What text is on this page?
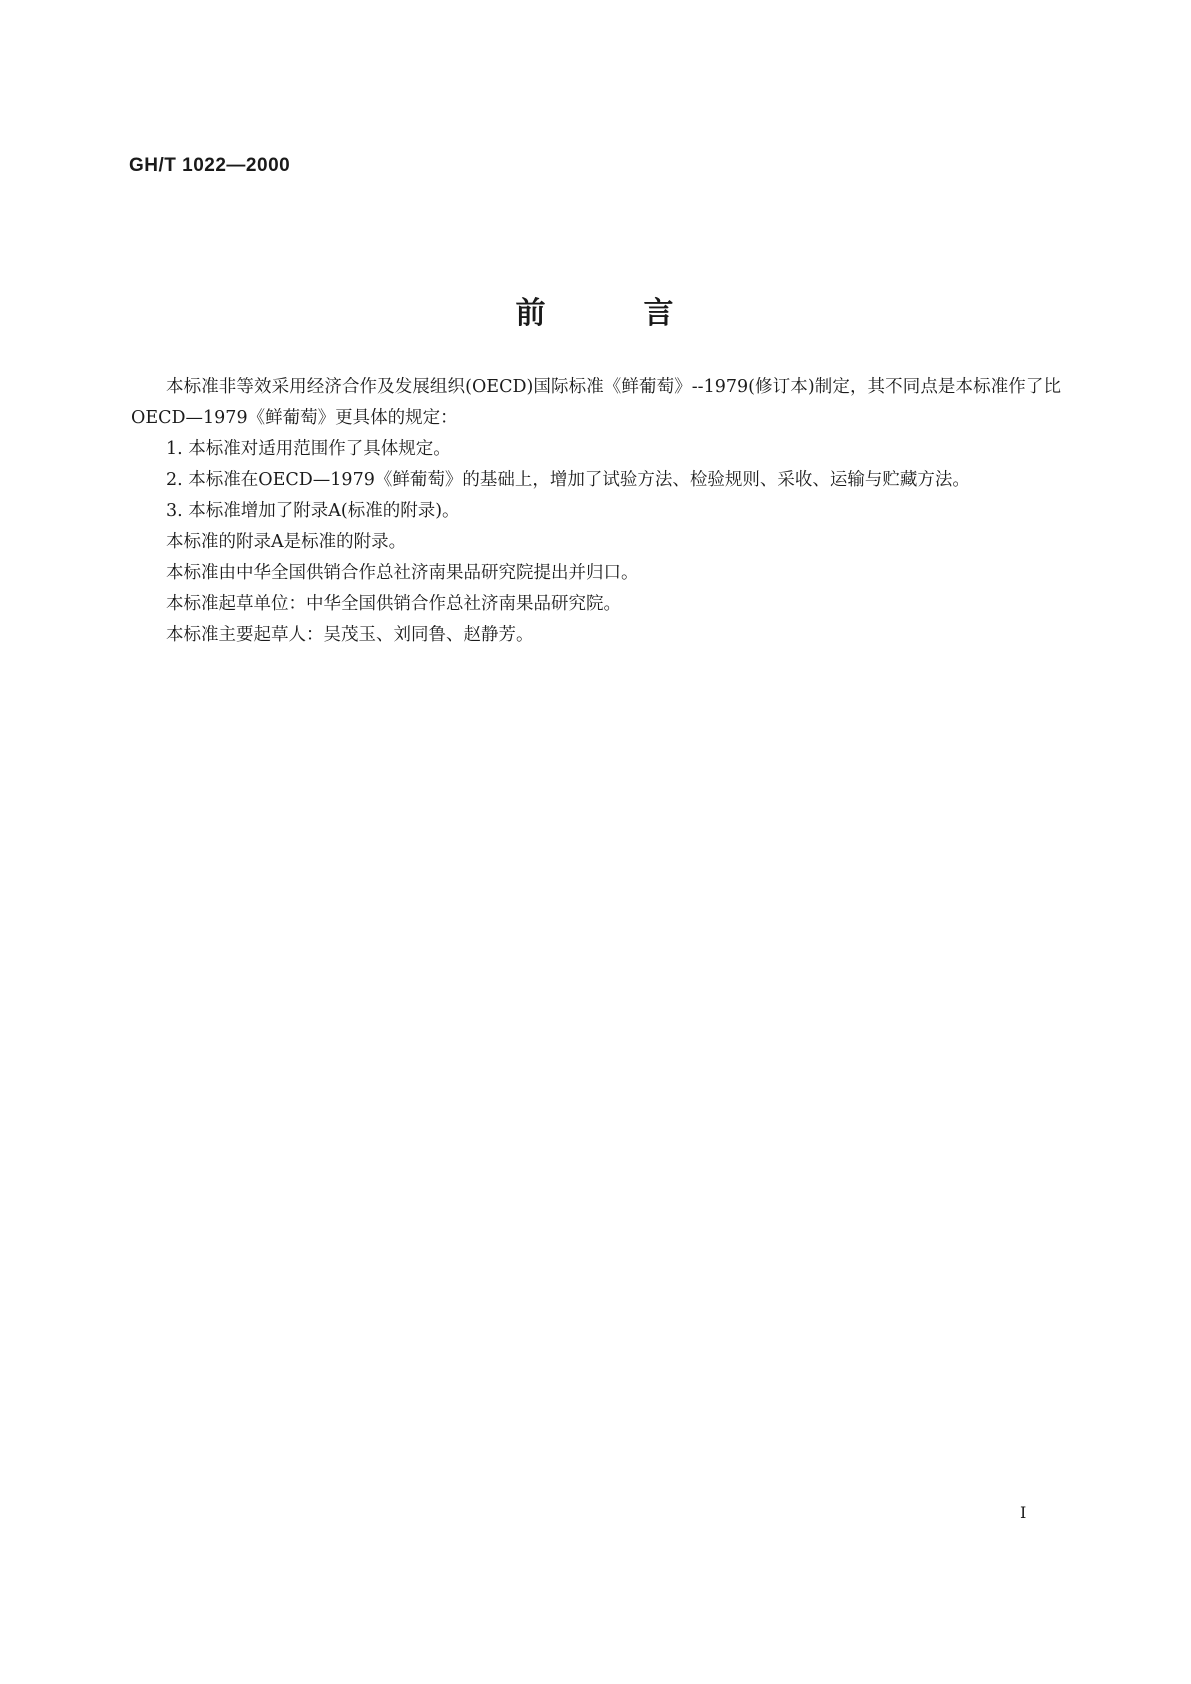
GH/T 1022—2000
前	言

本标准非等效采用经济合作及发展组织(OECD)国际标准《鲜葡萄》--1979(修订本)制定，其不同点是本标准作了比OECD—1979《鲜葡萄》更具体的规定：

1. 本标准对适用范围作了具体规定。

2. 本标准在OECD—1979《鲜葡萄》的基础上，增加了试验方法、检验规则、采收、运输与贮藏方法。

3. 本标准增加了附录A(标准的附录)。

本标准的附录A是标准的附录。

本标准由中华全国供销合作总社济南果品研究院提出并归口。

本标准起草单位：中华全国供销合作总社济南果品研究院。

本标准主要起草人：吴茂玉、刘同鲁、赵静芳。

I
